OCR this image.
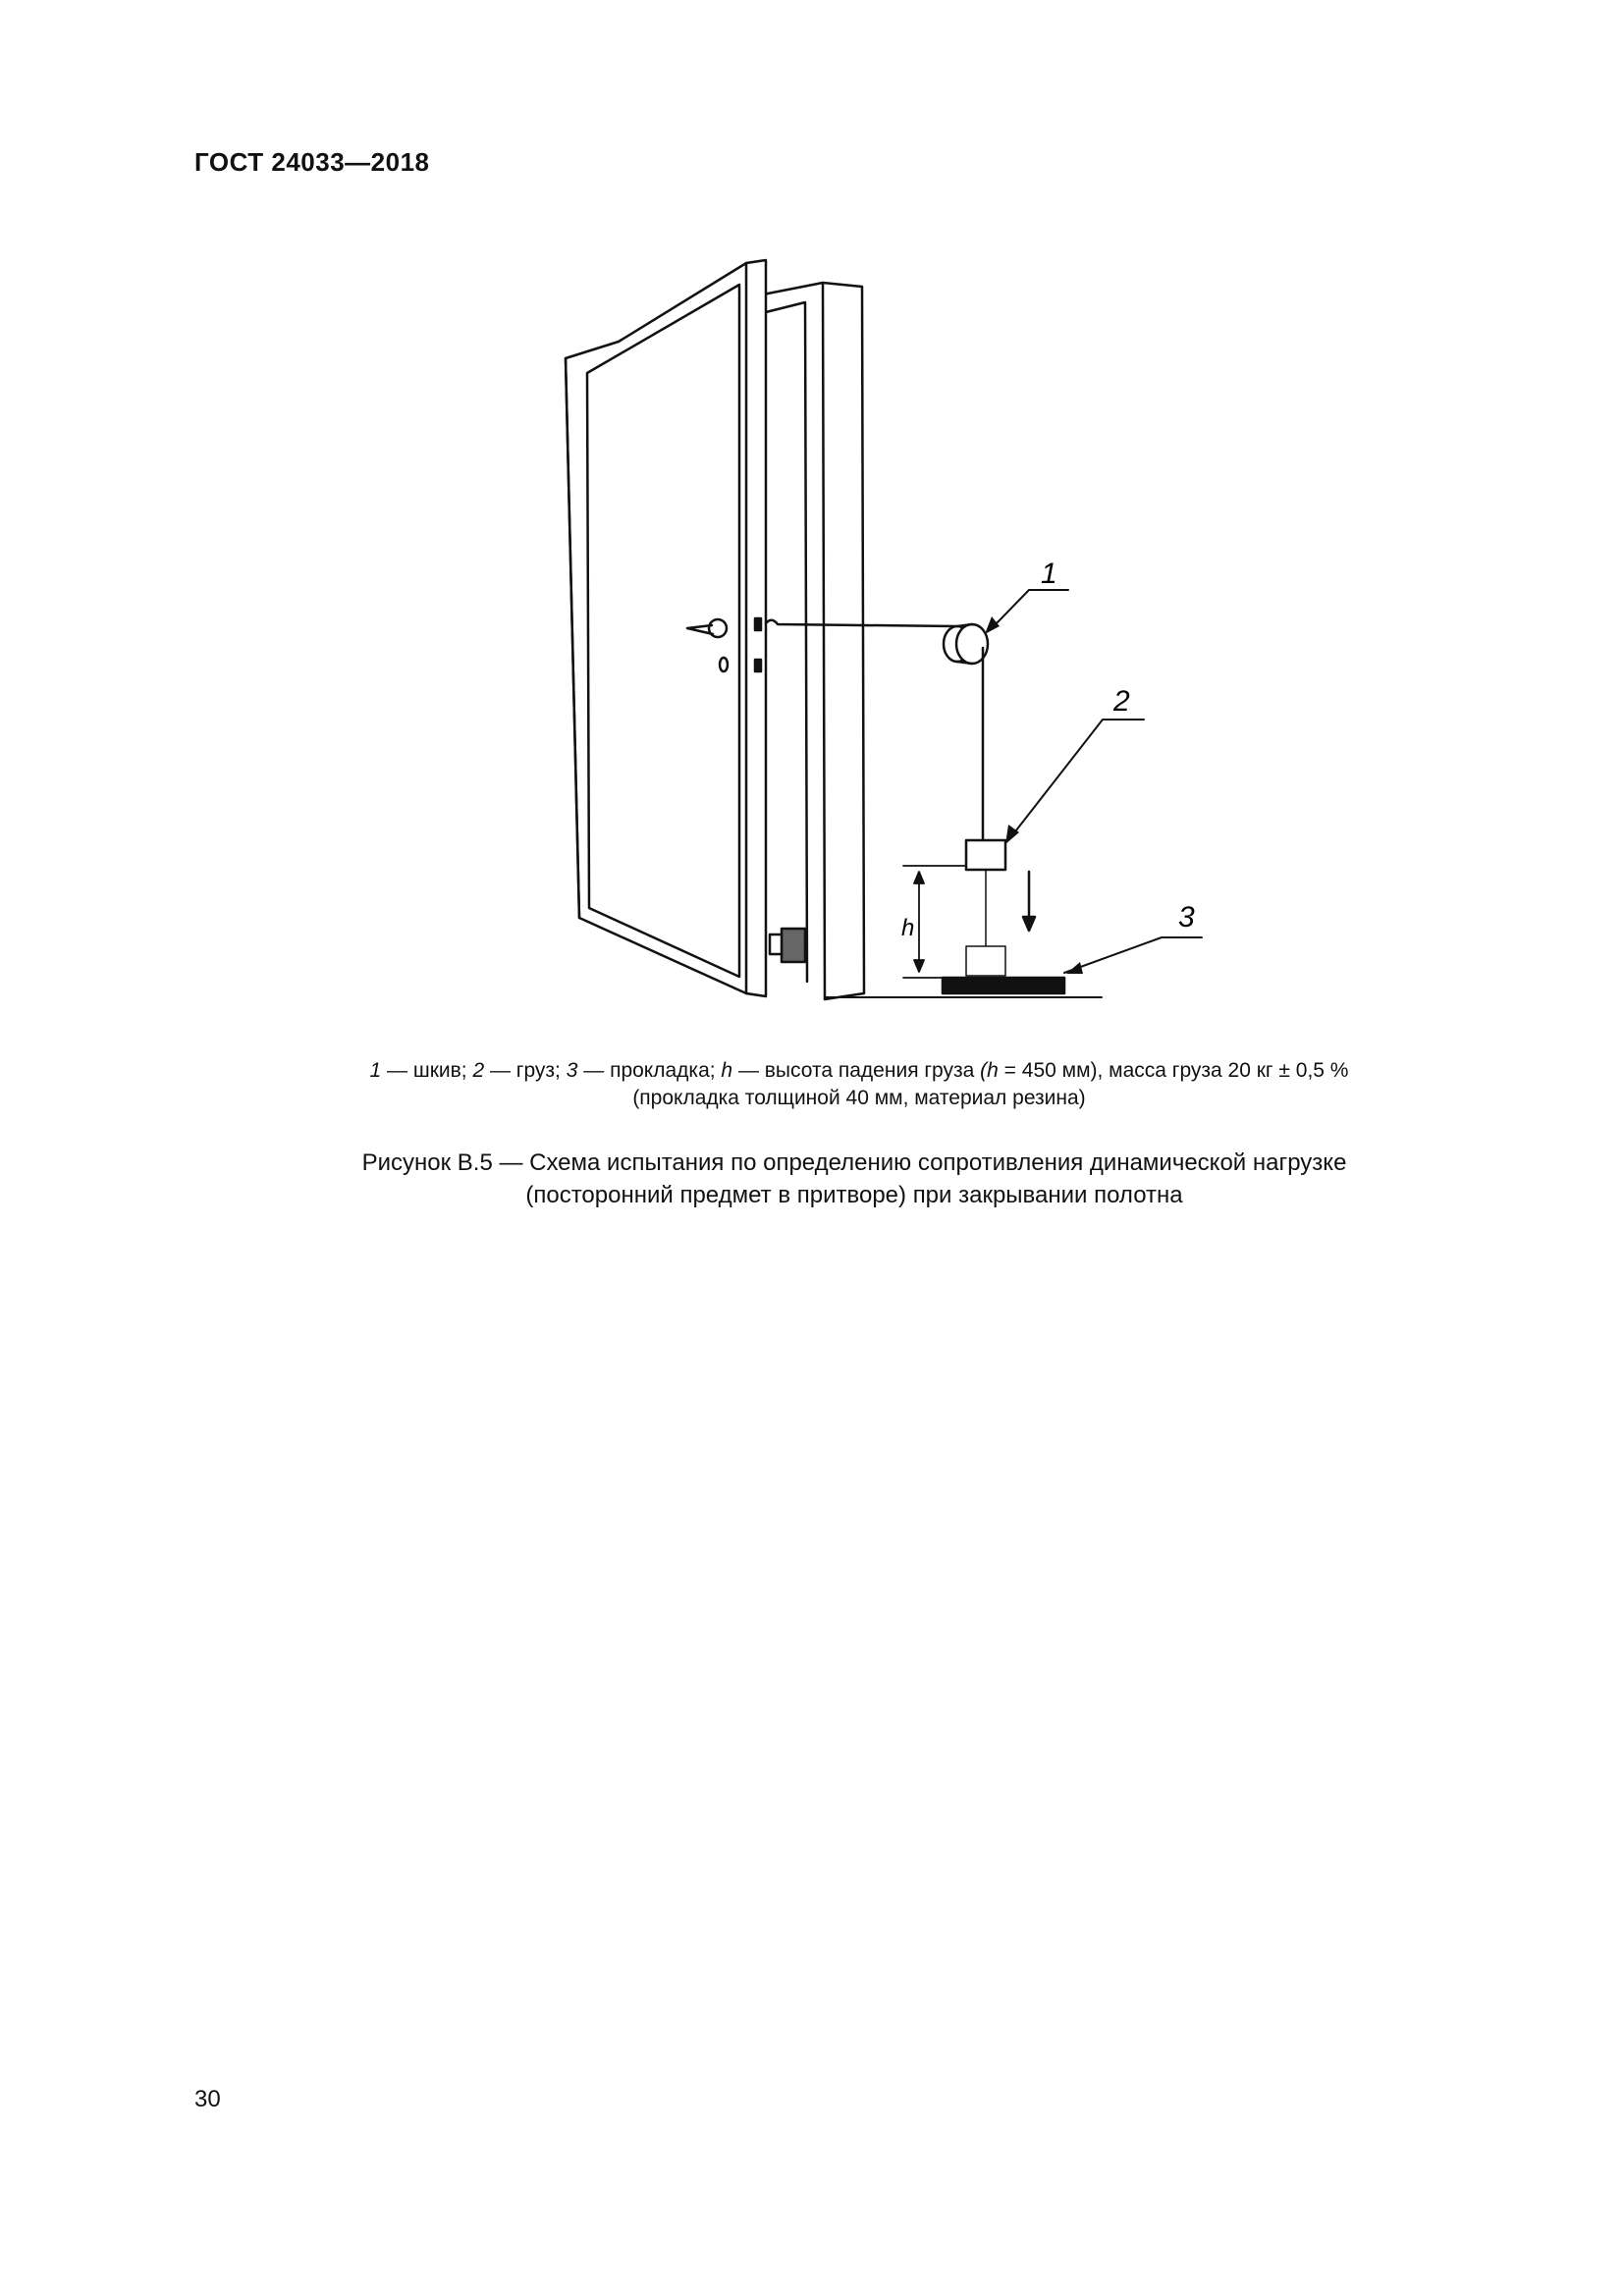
ГОСТ 24033—2018
1
2
3
h
1 — шкив; 2 — груз; 3 — прокладка; h — высота падения груза (h = 450 мм), масса груза 20 кг ± 0,5 %
(прокладка толщиной 40 мм, материал резина)
Рисунок В.5 — Схема испытания по определению сопротивления динамической нагрузке
(посторонний предмет в притворе) при закрывании полотна
30
